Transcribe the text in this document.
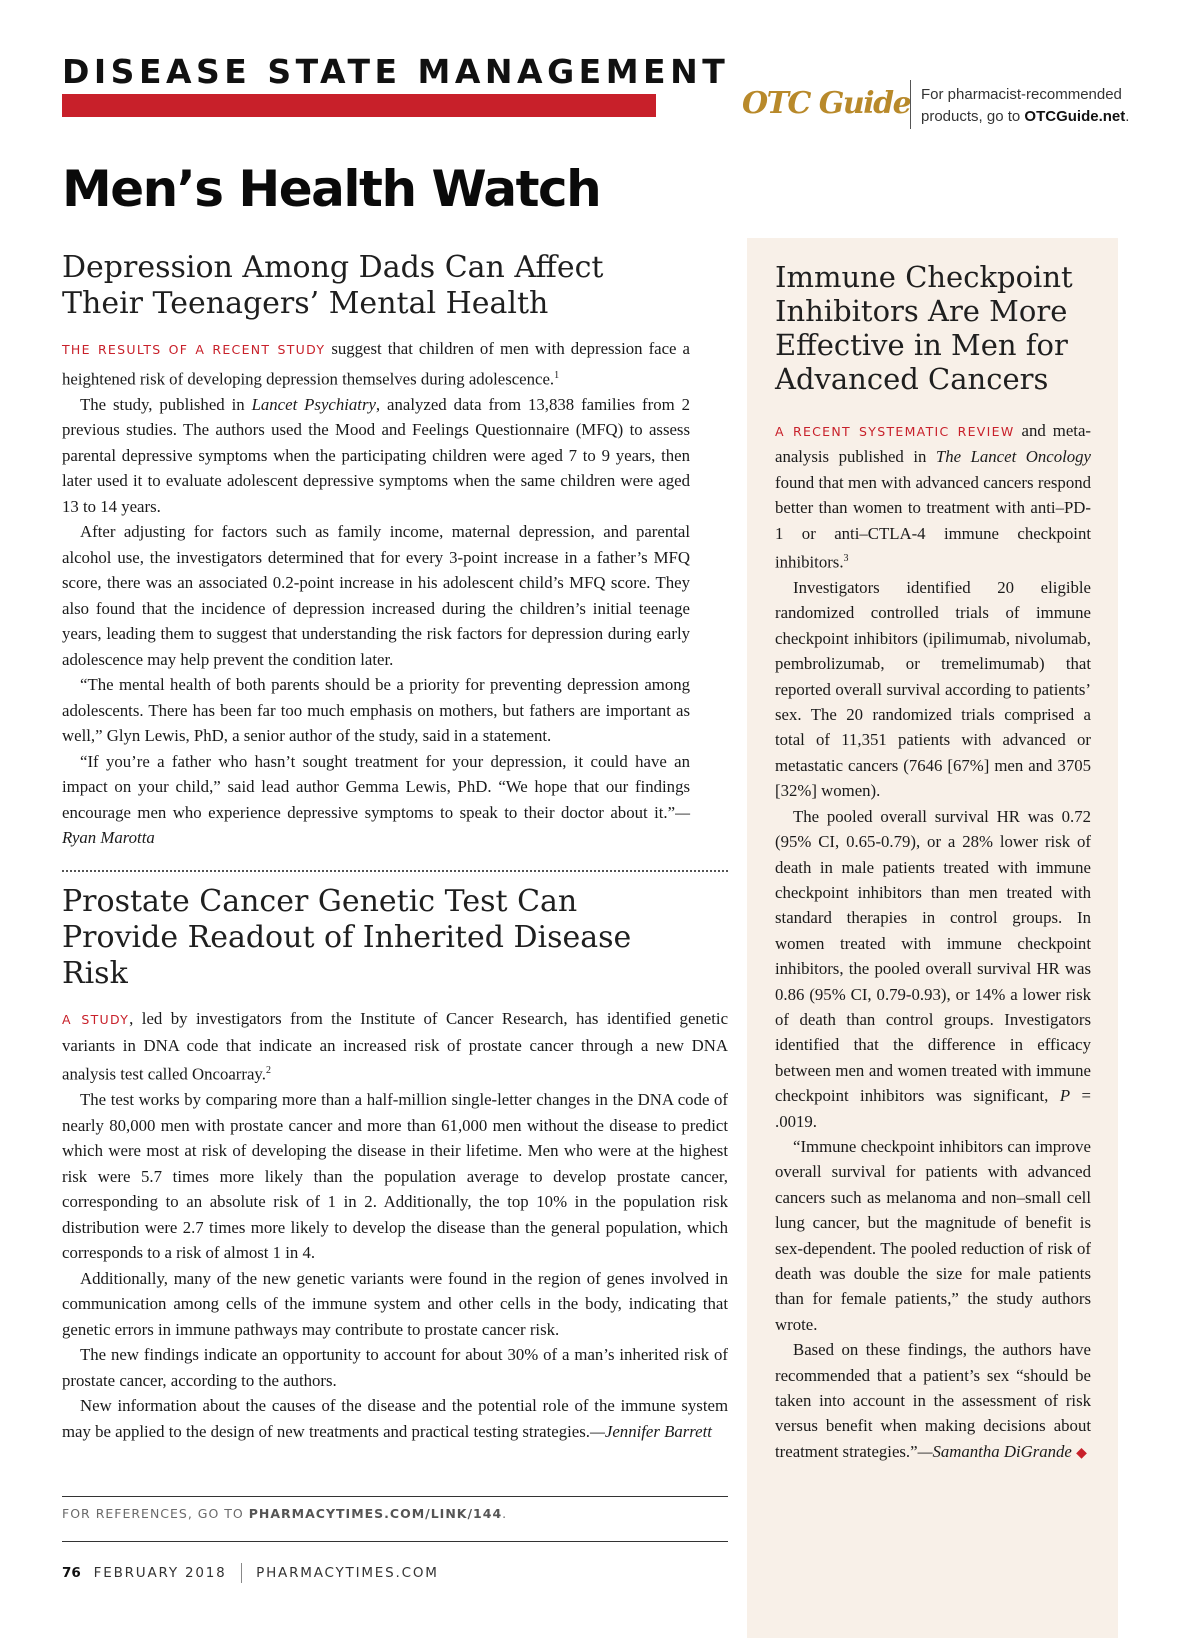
DISEASE STATE MANAGEMENT
OTC Guide For pharmacist-recommended
products, go to OTCGuide.net.
Men’s Health Watch
Depression Among Dads Can Affect Their Teenagers’ Mental Health

THE RESULTS OF A RECENT STUDY suggest that children of men with depression face a heightened risk of developing depression themselves during adolescence.$^1$

The study, published in Lancet Psychiatry, analyzed data from 13,838 families from 2 previous studies. The authors used the Mood and Feelings Questionnaire (MFQ) to assess parental depressive symptoms when the participating children were aged 7 to 9 years, then later used it to evaluate adolescent depressive symptoms when the same children were aged 13 to 14 years.

After adjusting for factors such as family income, maternal depression, and parental alcohol use, the investigators determined that for every 3-point increase in a father’s MFQ score, there was an associated 0.2-point increase in his adolescent child’s MFQ score. They also found that the incidence of depression increased during the children’s initial teenage years, leading them to suggest that understanding the risk factors for depression during early adolescence may help prevent the condition later.

“The mental health of both parents should be a priority for preventing depression among adolescents. There has been far too much emphasis on mothers, but fathers are important as well,” Glyn Lewis, PhD, a senior author of the study, said in a statement.

“If you’re a father who hasn’t sought treatment for your depression, it could have an impact on your child,” said lead author Gemma Lewis, PhD. “We hope that our findings encourage men who experience depressive symptoms to speak to their doctor about it.”—Ryan Marotta

Prostate Cancer Genetic Test Can Provide Readout of Inherited Disease Risk

A STUDY, led by investigators from the Institute of Cancer Research, has identified genetic variants in DNA code that indicate an increased risk of prostate cancer through a new DNA analysis test called Oncoarray.$^2$

The test works by comparing more than a half-million single-letter changes in the DNA code of nearly 80,000 men with prostate cancer and more than 61,000 men without the disease to predict which were most at risk of developing the disease in their lifetime. Men who were at the highest risk were 5.7 times more likely than the population average to develop prostate cancer, corresponding to an absolute risk of 1 in 2. Additionally, the top 10% in the population risk distribution were 2.7 times more likely to develop the disease than the general population, which corresponds to a risk of almost 1 in 4.

Additionally, many of the new genetic variants were found in the region of genes involved in communication among cells of the immune system and other cells in the body, indicating that genetic errors in immune pathways may contribute to prostate cancer risk.

The new findings indicate an opportunity to account for about 30% of a man’s inherited risk of prostate cancer, according to the authors.

New information about the causes of the disease and the potential role of the immune system may be applied to the design of new treatments and practical testing strategies.—Jennifer Barrett

FOR REFERENCES, GO TO PHARMACYTIMES.COM/LINK/144.
76 FEBRUARY 2018 PHARMACYTIMES.COM
Immune Checkpoint Inhibitors Are More Effective in Men for Advanced Cancers

A RECENT SYSTEMATIC REVIEW and meta-analysis published in The Lancet Oncology found that men with advanced cancers respond better than women to treatment with anti–PD-1 or anti–CTLA-4 immune checkpoint inhibitors.$^3$

Investigators identified 20 eligible randomized controlled trials of immune checkpoint inhibitors (ipilimumab, nivolumab, pembrolizumab, or tremelimumab) that reported overall survival according to patients’ sex. The 20 randomized trials comprised a total of 11,351 patients with advanced or metastatic cancers (7646 [67%] men and 3705 [32%] women).

The pooled overall survival HR was 0.72 (95% CI, 0.65-0.79), or a 28% lower risk of death in male patients treated with immune checkpoint inhibitors than men treated with standard therapies in control groups. In women treated with immune checkpoint inhibitors, the pooled overall survival HR was 0.86 (95% CI, 0.79-0.93), or 14% a lower risk of death than control groups. Investigators identified that the difference in efficacy between men and women treated with immune checkpoint inhibitors was significant, P = .0019.

“Immune checkpoint inhibitors can improve overall survival for patients with advanced cancers such as melanoma and non–small cell lung cancer, but the magnitude of benefit is sex-dependent. The pooled reduction of risk of death was double the size for male patients than for female patients,” the study authors wrote.

Based on these findings, the authors have recommended that a patient’s sex “should be taken into account in the assessment of risk versus benefit when making decisions about treatment strategies.”—Samantha DiGrande ◆
